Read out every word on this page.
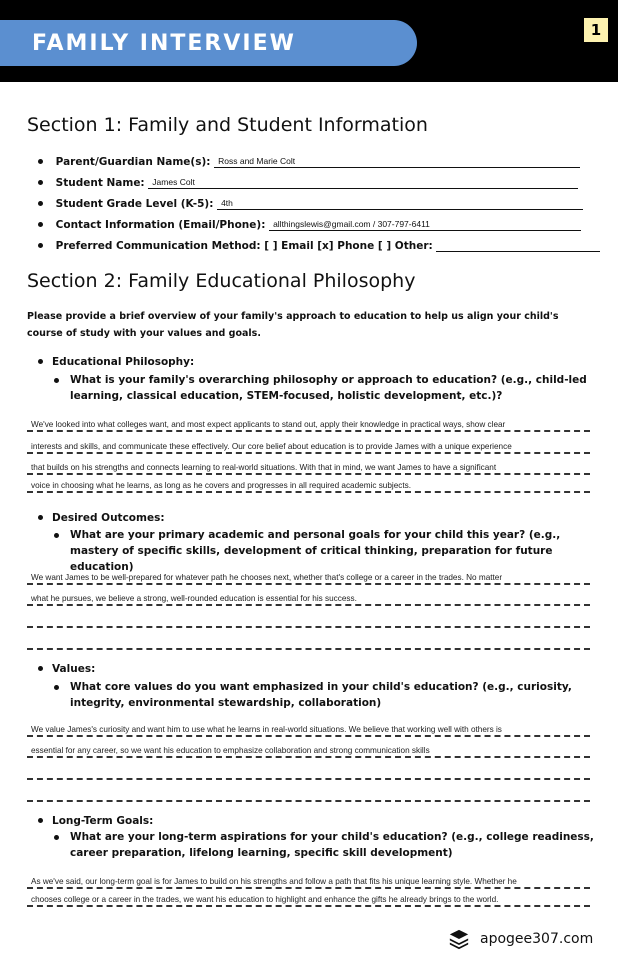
FAMILY INTERVIEW
1
Section 1: Family and Student Information
Parent/Guardian Name(s): Ross and Marie Colt
Student Name: James Colt
Student Grade Level (K-5): 4th
Contact Information (Email/Phone): allthingslewis@gmail.com / 307-797-6411
Preferred Communication Method: [ ] Email [x] Phone [ ] Other:
Section 2: Family Educational Philosophy
Please provide a brief overview of your family's approach to education to help us align your child's course of study with your values and goals.
Educational Philosophy:
What is your family's overarching philosophy or approach to education? (e.g., child-led learning, classical education, STEM-focused, holistic development, etc.)?
We've looked into what colleges want, and most expect applicants to stand out, apply their knowledge in practical ways, show clear
interests and skills, and communicate these effectively. Our core belief about education is to provide James with a unique experience
that builds on his strengths and connects learning to real-world situations. With that in mind, we want James to have a significant
voice in choosing what he learns, as long as he covers and progresses in all required academic subjects.
Desired Outcomes:
What are your primary academic and personal goals for your child this year? (e.g., mastery of specific skills, development of critical thinking, preparation for future education)
We want James to be well-prepared for whatever path he chooses next, whether that's college or a career in the trades. No matter
what he pursues, we believe a strong, well-rounded education is essential for his success.
Values:
What core values do you want emphasized in your child's education? (e.g., curiosity, integrity, environmental stewardship, collaboration)
We value James's curiosity and want him to use what he learns in real-world situations. We believe that working well with others is
essential for any career, so we want his education to emphasize collaboration and strong communication skills
Long-Term Goals:
What are your long-term aspirations for your child's education? (e.g., college readiness, career preparation, lifelong learning, specific skill development)
As we've said, our long-term goal is for James to build on his strengths and follow a path that fits his unique learning style. Whether he
chooses college or a career in the trades, we want his education to highlight and enhance the gifts he already brings to the world.
apogee307.com
